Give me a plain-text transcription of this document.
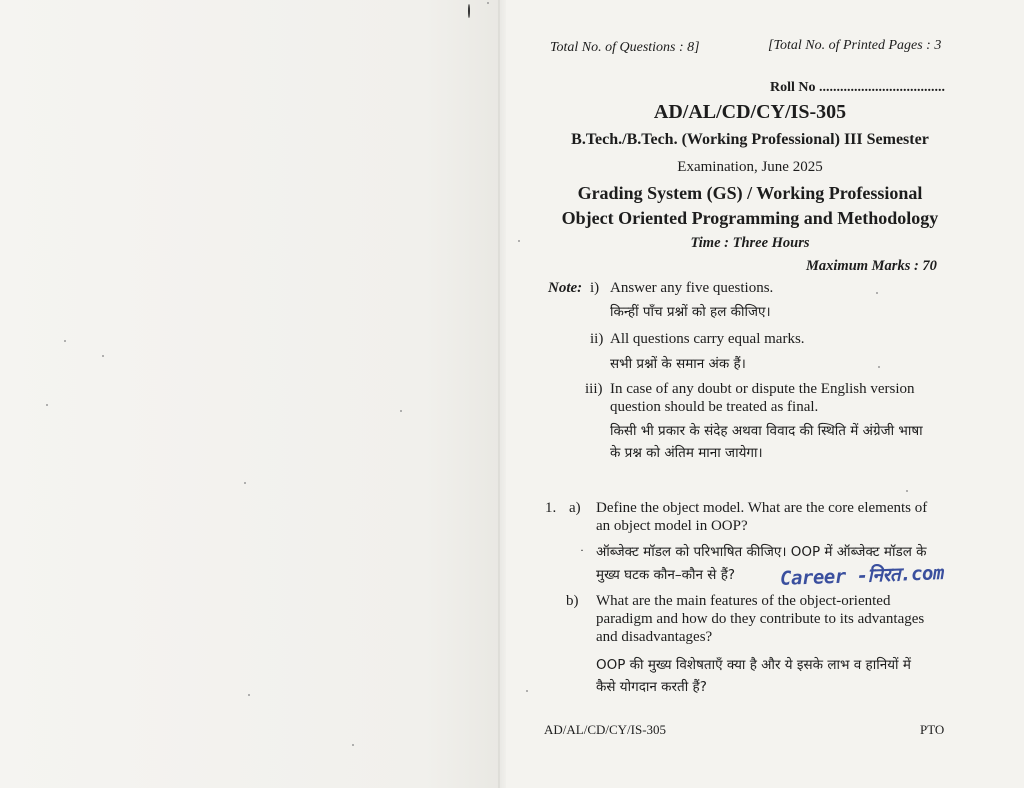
Total No. of Questions : 8]	[Total No. of Printed Pages : 3
Roll No ....................................
AD/AL/CD/CY/IS-305
B.Tech./B.Tech. (Working Professional) III Semester
Examination, June 2025
Grading System (GS) / Working Professional
Object Oriented Programming and Methodology
Time : Three Hours
Maximum Marks : 70
Note: i) Answer any five questions.
किन्हीं पाँच प्रश्नों को हल कीजिए।
ii) All questions carry equal marks.
सभी प्रश्नों के समान अंक हैं।
iii) In case of any doubt or dispute the English version
question should be treated as final.
किसी भी प्रकार के संदेह अथवा विवाद की स्थिति में अंग्रेजी भाषा
के प्रश्न को अंतिम माना जायेगा।
1. a) Define the object model. What are the core elements of
an object model in OOP?
· ऑब्जेक्ट मॉडल को परिभाषित कीजिए। OOP में ऑब्जेक्ट मॉडल के
मुख्य घटक कौन–कौन से हैं? Career -निरत.com
b) What are the main features of the object-oriented
paradigm and how do they contribute to its advantages
and disadvantages?
OOP की मुख्य विशेषताएँ क्या है और ये इसके लाभ व हानियों में
कैसे योगदान करती हैं?
AD/AL/CD/CY/IS-305	PTO
